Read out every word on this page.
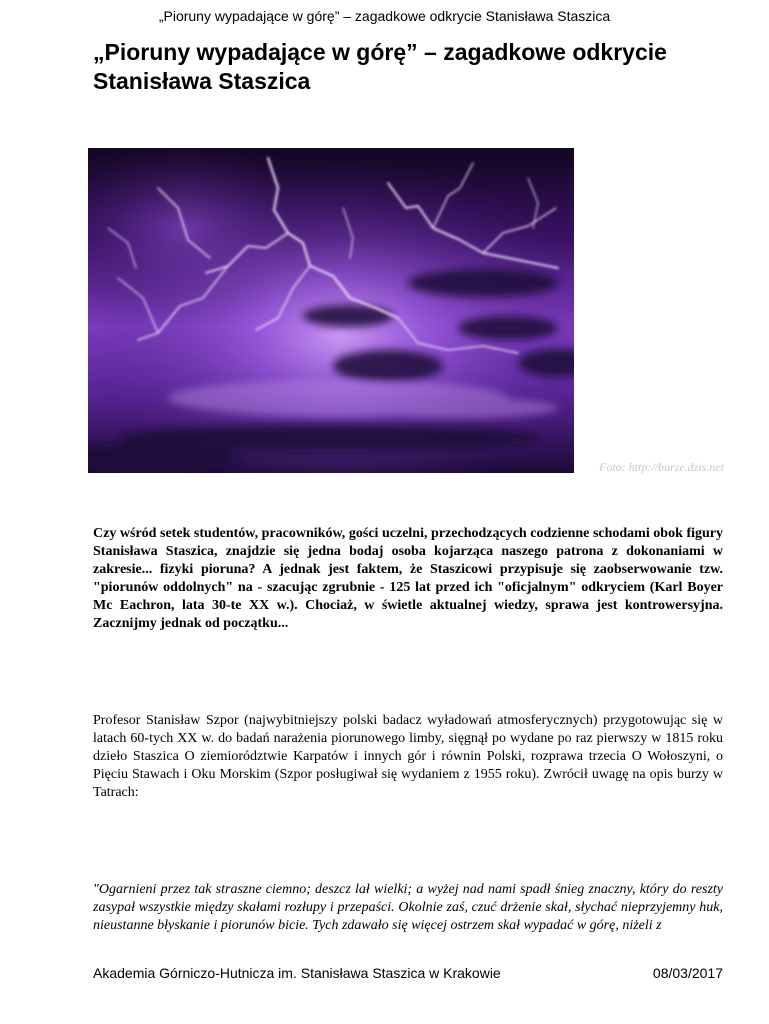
„Pioruny wypadające w górę” – zagadkowe odkrycie Stanisława Staszica
„Pioruny wypadające w górę” – zagadkowe odkrycie Stanisława Staszica
Foto: http://burze.dzis.net

Czy wśród setek studentów, pracowników, gości uczelni, przechodzących codzienne schodami obok figury Stanisława Staszica, znajdzie się jedna bodaj osoba kojarząca naszego patrona z dokonaniami w zakresie... fizyki pioruna? A jednak jest faktem, że Staszicowi przypisuje się zaobserwowanie tzw. "piorunów oddolnych" na - szacując zgrubnie - 125 lat przed ich "oficjalnym" odkryciem (Karl Boyer Mc Eachron, lata 30-te XX w.). Chociaż, w świetle aktualnej wiedzy, sprawa jest kontrowersyjna. Zacznijmy jednak od początku...

Profesor Stanisław Szpor (najwybitniejszy polski badacz wyładowań atmosferycznych) przygotowując się w latach 60-tych XX w. do badań narażenia piorunowego limby, sięgnął po wydane po raz pierwszy w 1815 roku dzieło Staszica O ziemiorództwie Karpatów i innych gór i równin Polski, rozprawa trzecia O Wołoszyni, o Pięciu Stawach i Oku Morskim (Szpor posługiwał się wydaniem z 1955 roku). Zwrócił uwagę na opis burzy w Tatrach:

"Ogarnieni przez tak straszne ciemno; deszcz lał wielki; a wyżej nad nami spadł śnieg znaczny, który do reszty zasypał wszystkie między skałami rozłupy i przepaści. Okolnie zaś, czuć drżenie skał, słychać nieprzyjemny huk, nieustanne błyskanie i piorunów bicie. Tych zdawało się więcej ostrzem skał wypadać w górę, niżeli z

Akademia Górniczo-Hutnicza im. Stanisława Staszica w Krakowie	08/03/2017
